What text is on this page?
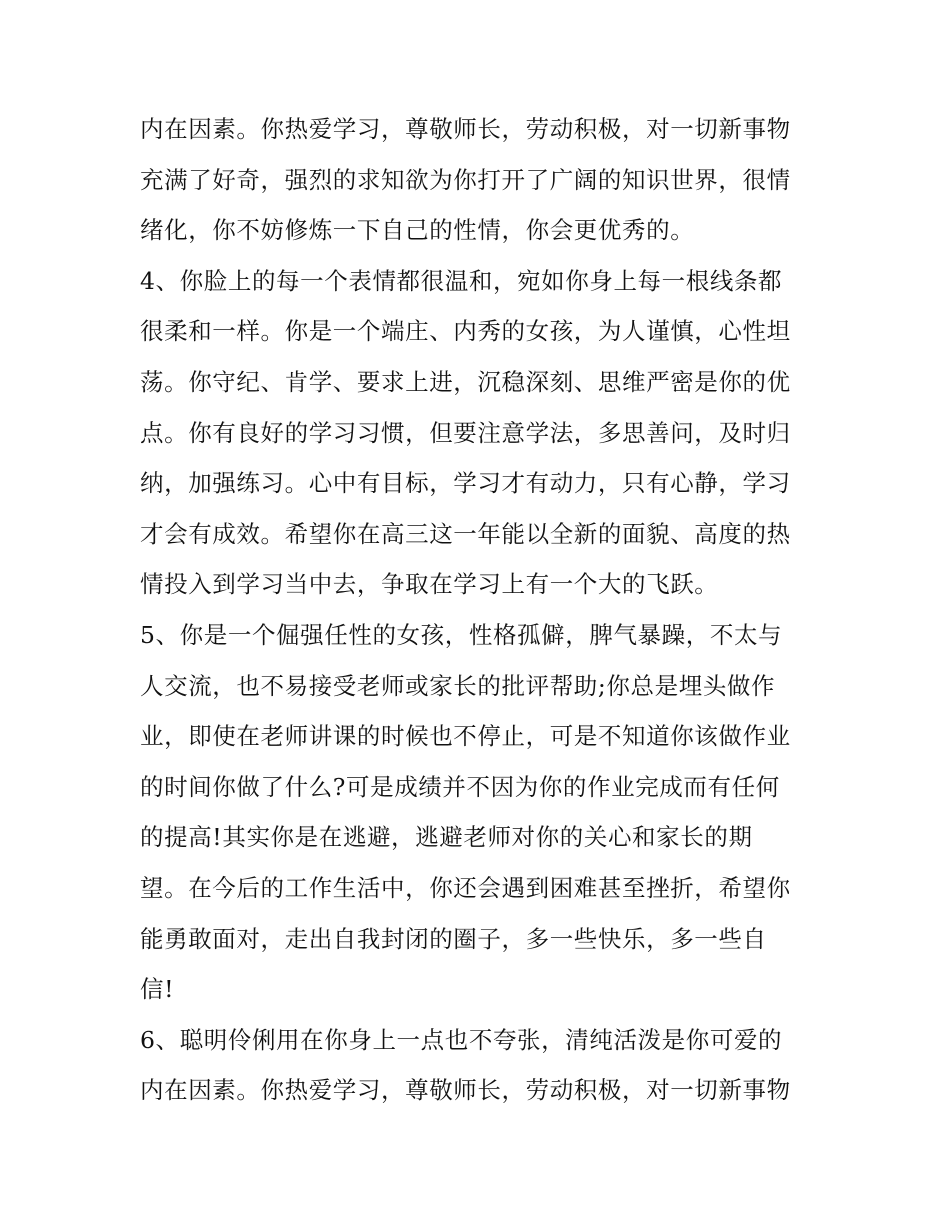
内在因素。你热爱学习，尊敬师长，劳动积极，对一切新事物
充满了好奇，强烈的求知欲为你打开了广阔的知识世界，很情
绪化，你不妨修炼一下自己的性情，你会更优秀的。
4、你脸上的每一个表情都很温和，宛如你身上每一根线条都
很柔和一样。你是一个端庄、内秀的女孩，为人谨慎，心性坦
荡。你守纪、肯学、要求上进，沉稳深刻、思维严密是你的优
点。你有良好的学习习惯，但要注意学法，多思善问，及时归
纳，加强练习。心中有目标，学习才有动力，只有心静，学习
才会有成效。希望你在高三这一年能以全新的面貌、高度的热
情投入到学习当中去，争取在学习上有一个大的飞跃。
5、你是一个倔强任性的女孩，性格孤僻，脾气暴躁，不太与
人交流，也不易接受老师或家长的批评帮助;你总是埋头做作
业，即使在老师讲课的时候也不停止，可是不知道你该做作业
的时间你做了什么?可是成绩并不因为你的作业完成而有任何
的提高!其实你是在逃避，逃避老师对你的关心和家长的期
望。在今后的工作生活中，你还会遇到困难甚至挫折，希望你
能勇敢面对，走出自我封闭的圈子，多一些快乐，多一些自
信!
6、聪明伶俐用在你身上一点也不夸张，清纯活泼是你可爱的
内在因素。你热爱学习，尊敬师长，劳动积极，对一切新事物
